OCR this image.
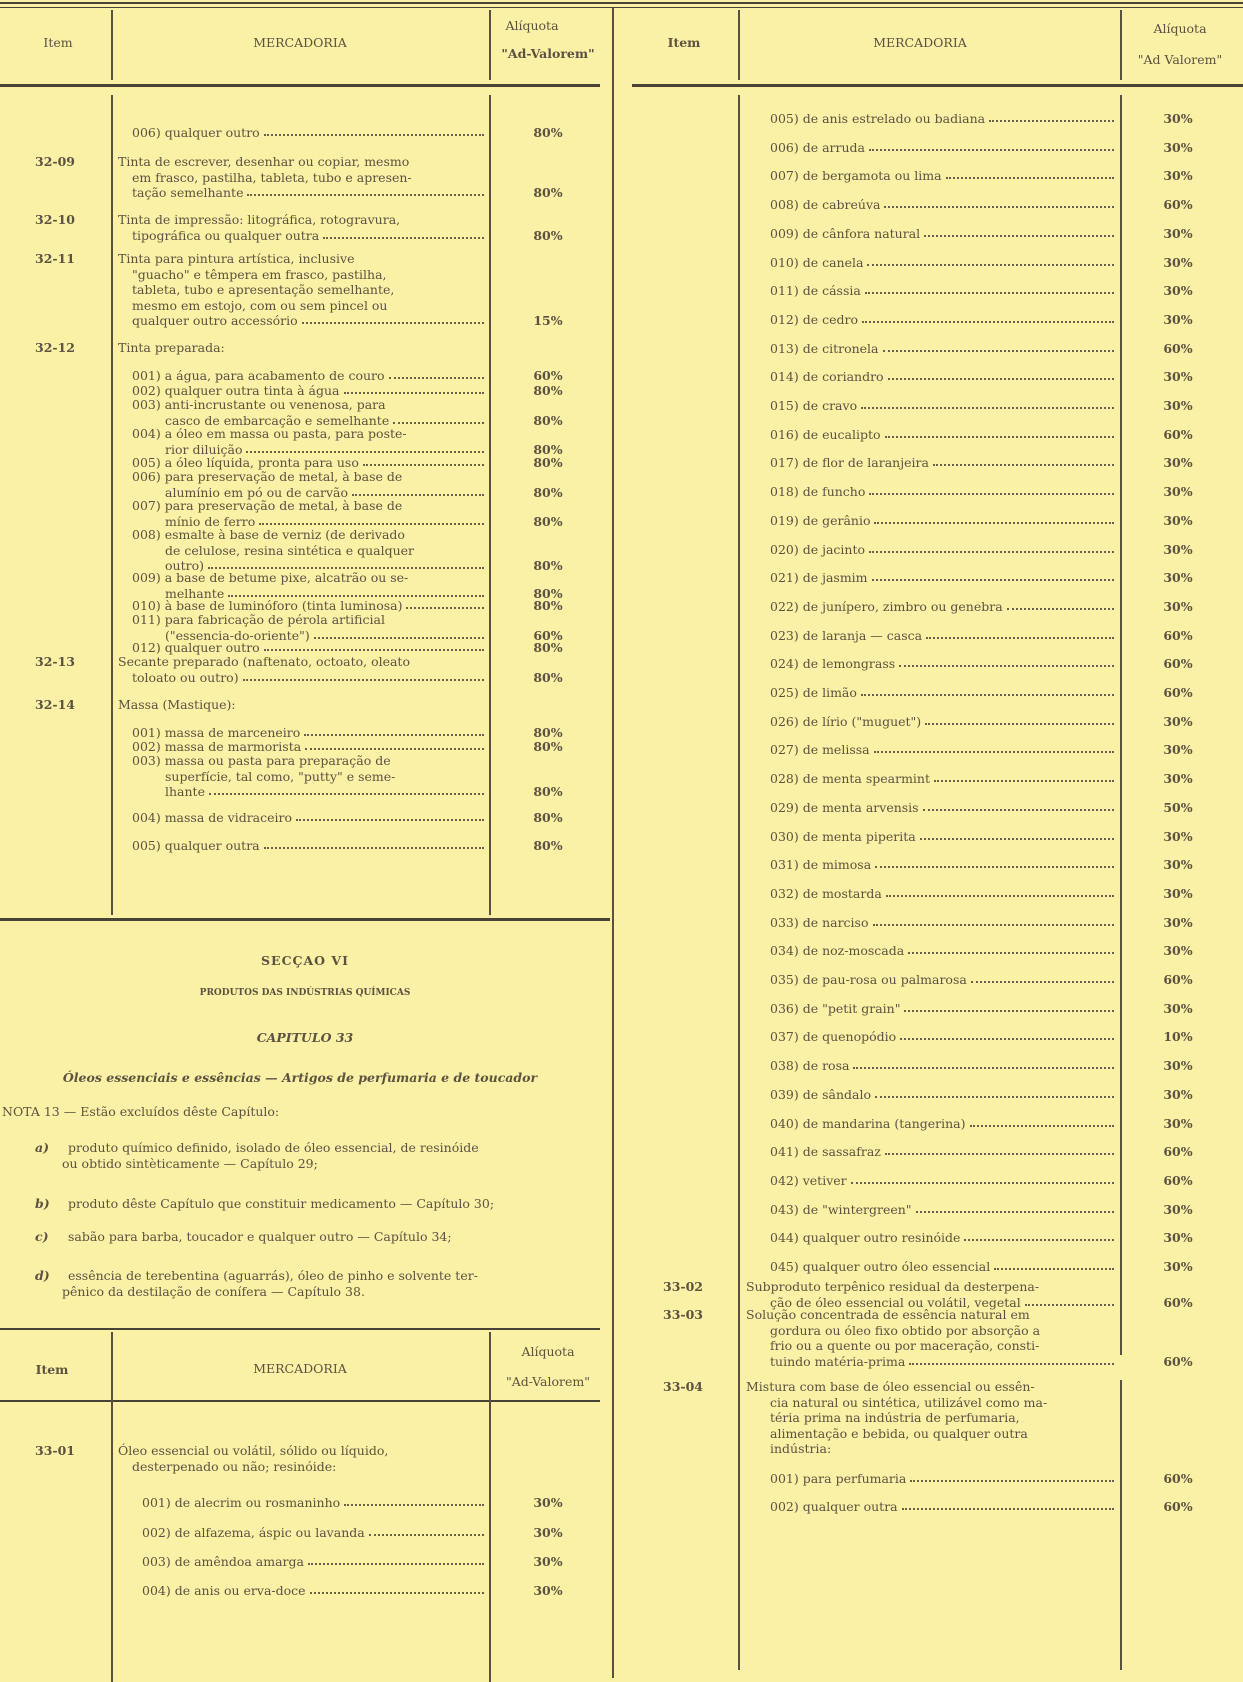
Item	MERCADORIA
Alíquota
"Ad-Valorem"
Item	MERCADORIA
Alíquota
"Ad Valorem"
Item	MERCADORIA
Alíquota
"Ad-Valorem"
SECÇAO VI
PRODUTOS DAS INDÚSTRIAS QUÍMICAS
CAPITULO 33
Óleos essenciais e essências — Artigos de perfumaria e de toucador
NOTA 13 — Estão excluídos dêste Capítulo:
a) produto químico definido, isolado de óleo essencial, de resinóide
ou obtido sintèticamente — Capítulo 29;
b) produto dêste Capítulo que constituir medicamento — Capítulo 30;
c) sabão para barba, toucador e qualquer outro — Capítulo 34;
d) essência de terebentina (aguarrás), óleo de pinho e solvente ter-
pênico da destilação de conífera — Capítulo 38.
006) qualquer outro	80%
32-09	Tinta de escrever, desenhar ou copiar, mesmo
em frasco, pastilha, tableta, tubo e apresen-
tação semelhante	80%
32-10	Tinta de impressão: litográfica, rotogravura,
tipográfica ou qualquer outra	80%
32-11	Tinta para pintura artística, inclusive
"guacho" e têmpera em frasco, pastilha,
tableta, tubo e apresentação semelhante,
mesmo em estojo, com ou sem pincel ou
qualquer outro accessório	15%
32-12	Tinta preparada:
001) a água, para acabamento de couro	60%
002) qualquer outra tinta à água	80%
003) anti-incrustante ou venenosa, para
casco de embarcação e semelhante	80%
004) a óleo em massa ou pasta, para poste-
rior diluição	80%
005) a óleo líquida, pronta para uso	80%
006) para preservação de metal, à base de
alumínio em pó ou de carvão	80%
007) para preservação de metal, à base de
mínio de ferro	80%
008) esmalte à base de verniz (de derivado
de celulose, resina sintética e qualquer
outro)	80%
009) a base de betume pixe, alcatrão ou se-
melhante	80%
010) à base de luminóforo (tinta luminosa)	80%
011) para fabricação de pérola artificial
("essencia-do-oriente")	60%
012) qualquer outro	80%
32-13	Secante preparado (naftenato, octoato, oleato
toloato ou outro)	80%
32-14	Massa (Mastique):
001) massa de marceneiro	80%
002) massa de marmorista	80%
003) massa ou pasta para preparação de
superfície, tal como, "putty" e seme-
lhante	80%
004) massa de vidraceiro	80%
005) qualquer outra	80%
33-01	Óleo essencial ou volátil, sólido ou líquido,
desterpenado ou não; resinóide:
001) de alecrim ou rosmaninho	30%
002) de alfazema, áspic ou lavanda	30%
003) de amêndoa amarga	30%
004) de anis ou erva-doce	30%
005) de anis estrelado ou badiana	30%
006) de arruda	30%
007) de bergamota ou lima	30%
008) de cabreúva	60%
009) de cânfora natural	30%
010) de canela	30%
011) de cássia	30%
012) de cedro	30%
013) de citronela	60%
014) de coriandro	30%
015) de cravo	30%
016) de eucalipto	60%
017) de flor de laranjeira	30%
018) de funcho	30%
019) de gerânio	30%
020) de jacinto	30%
021) de jasmim	30%
022) de junípero, zimbro ou genebra	30%
023) de laranja — casca	60%
024) de lemongrass	60%
025) de limão	60%
026) de lírio ("muguet")	30%
027) de melissa	30%
028) de menta spearmint	30%
029) de menta arvensis	50%
030) de menta piperita	30%
031) de mimosa	30%
032) de mostarda	30%
033) de narciso	30%
034) de noz-moscada	30%
035) de pau-rosa ou palmarosa	60%
036) de "petit grain"	30%
037) de quenopódio	10%
038) de rosa	30%
039) de sândalo	30%
040) de mandarina (tangerina)	30%
041) de sassafraz	60%
042) vetiver	60%
043) de "wintergreen"	30%
044) qualquer outro resinóide	30%
045) qualquer outro óleo essencial	30%
33-02	Subproduto terpênico residual da desterpena-
ção de óleo essencial ou volátil, vegetal	60%
33-03	Solução concentrada de essência natural em
gordura ou óleo fixo obtido por absorção a
frio ou a quente ou por maceração, consti-
tuindo matéria-prima	60%
33-04	Mistura com base de óleo essencial ou essên-
cia natural ou sintética, utilizável como ma-
téria prima na indústria de perfumaria,
alimentação e bebida, ou qualquer outra
indústria:
001) para perfumaria	60%
002) qualquer outra	60%
